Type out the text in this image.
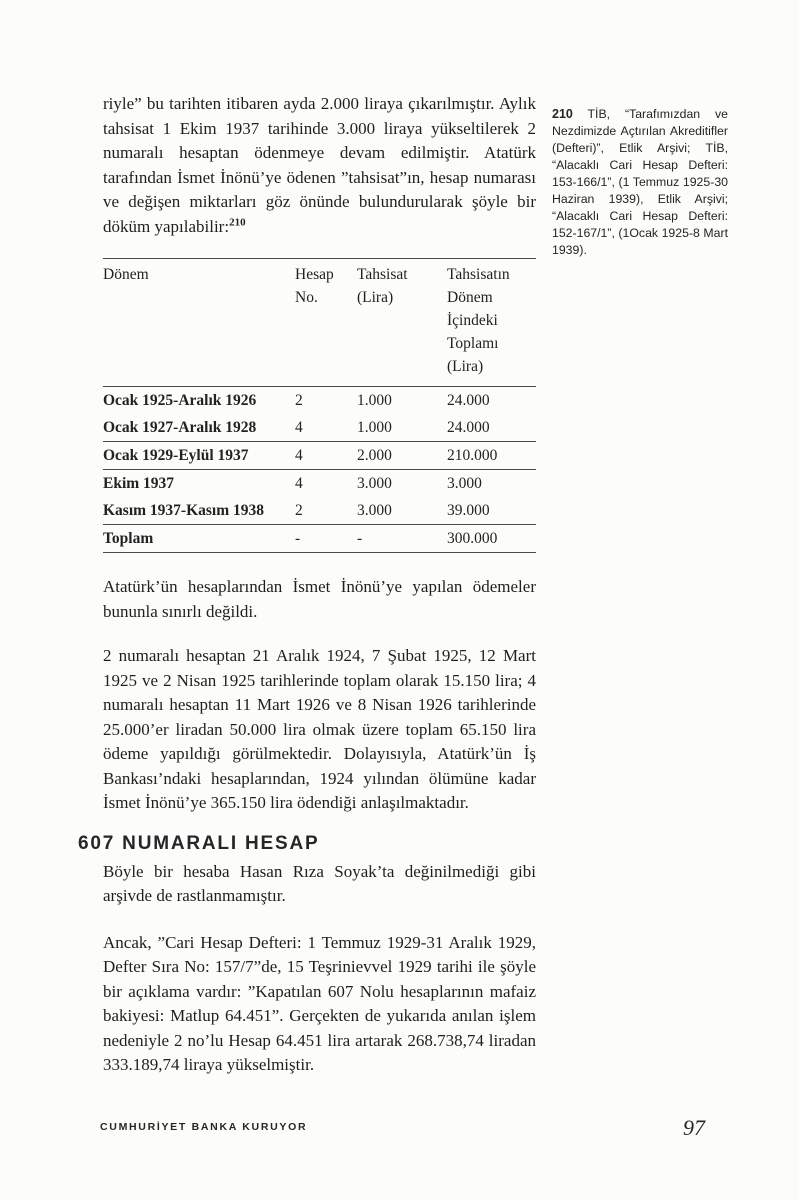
riyle” bu tarihten itibaren ayda 2.000 liraya çıkarılmıştır. Aylık tahsisat 1 Ekim 1937 tarihinde 3.000 liraya yükseltilerek 2 numaralı hesaptan ödenmeye devam edilmiştir. Atatürk tarafından İsmet İnönü’ye ödenen ”tahsisat”ın, hesap numarası ve değişen miktarları göz önünde bulundurularak şöyle bir döküm yapılabilir:$^{210}$

Dönem	Hesap No.	Tahsisat (Lira)	Tahsisatın Dönem İçindeki Toplamı (Lira)
Ocak 1925-Aralık 1926	2	1.000	24.000
Ocak 1927-Aralık 1928	4	1.000	24.000
Ocak 1929-Eylül 1937	4	2.000	210.000
Ekim 1937	4	3.000	3.000
Kasım 1937-Kasım 1938	2	3.000	39.000
Toplam	-	-	300.000

Atatürk’ün hesaplarından İsmet İnönü’ye yapılan ödemeler bununla sınırlı değildi.

2 numaralı hesaptan 21 Aralık 1924, 7 Şubat 1925, 12 Mart 1925 ve 2 Nisan 1925 tarihlerinde toplam olarak 15.150 lira; 4 numaralı hesaptan 11 Mart 1926 ve 8 Nisan 1926 tarihlerinde 25.000’er liradan 50.000 lira olmak üzere toplam 65.150 lira ödeme yapıldığı görülmektedir. Dolayısıyla, Atatürk’ün İş Bankası’ndaki hesaplarından, 1924 yılından ölümüne kadar İsmet İnönü’ye 365.150 lira ödendiği anlaşılmaktadır.

607 NUMARALI HESAP

Böyle bir hesaba Hasan Rıza Soyak’ta değinilmediği gibi arşivde de rastlanmamıştır.

Ancak, ”Cari Hesap Defteri: 1 Temmuz 1929-31 Aralık 1929, Defter Sıra No: 157/7”de, 15 Teşrinievvel 1929 tarihi ile şöyle bir açıklama vardır: ”Kapatılan 607 Nolu hesaplarının mafaiz bakiyesi: Matlup 64.451”. Gerçekten de yukarıda anılan işlem nedeniyle 2 no’lu Hesap 64.451 lira artarak 268.738,74 liradan 333.189,74 liraya yükselmiştir.

210 TİB, “Tarafımızdan ve Nezdimizde Açtırılan Akreditifler (Defteri)”, Etlik Arşivi; TİB, “Alacaklı Cari Hesap Defteri: 153-166/1”, (1 Temmuz 1925-30 Haziran 1939), Etlik Arşivi; “Alacaklı Cari Hesap Defteri: 152-167/1”, (1Ocak 1925-8 Mart 1939).
CUMHURİYET BANKA KURUYOR	97
